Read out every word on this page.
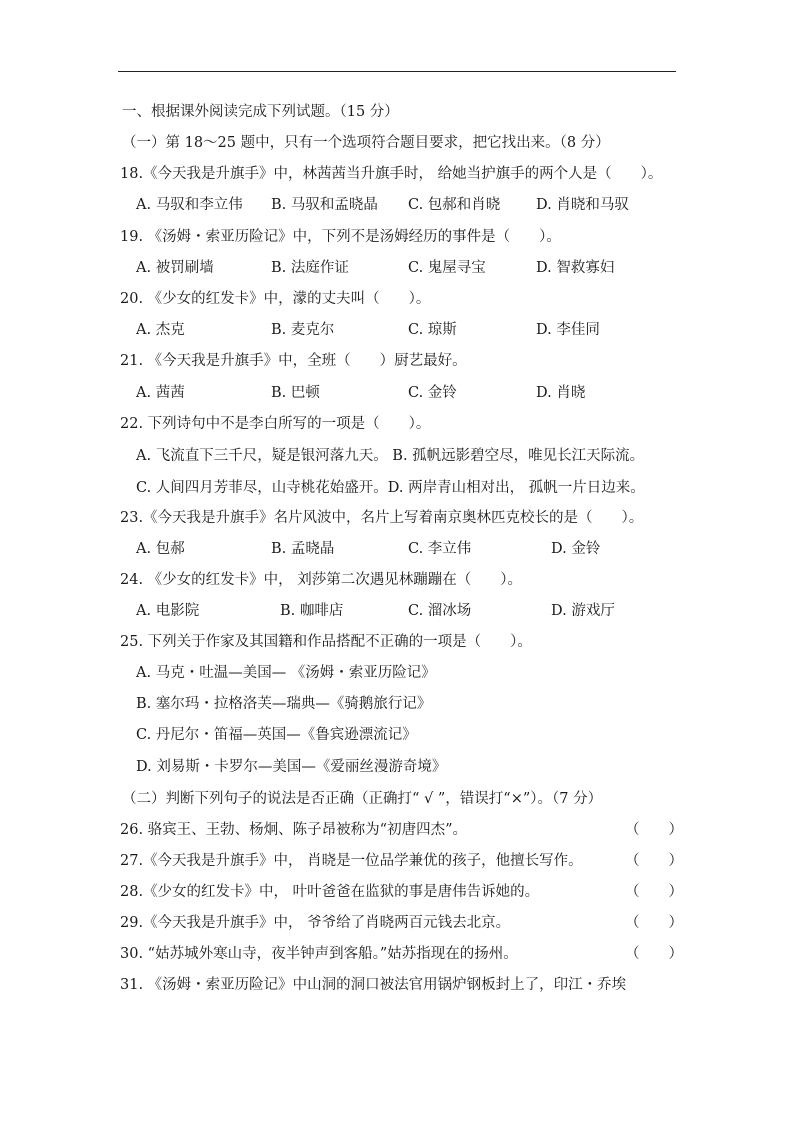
一、根据课外阅读完成下列试题。（15 分）
（一）第 18～25 题中，只有一个选项符合题目要求，把它找出来。（8 分）
18.《今天我是升旗手》中，林茜茜当升旗手时， 给她当护旗手的两个人是（　　）。
A. 马驭和李立伟 B. 马驭和孟晓晶 C. 包郝和肖晓 D. 肖晓和马驭
19. 《汤姆・索亚历险记》中，下列不是汤姆经历的事件是（　　）。
A. 被罚刷墙	B. 法庭作证	C. 鬼屋寻宝	D. 智救寡妇
20. 《少女的红发卡》中，濛的丈夫叫（　　）。
A. 杰克	B. 麦克尔	C. 琼斯	D. 李佳同
21. 《今天我是升旗手》中，全班（　　）厨艺最好。
A. 茜茜	B. 巴顿	C. 金铃	D. 肖晓
22. 下列诗句中不是李白所写的一项是（　　）。
A. 飞流直下三千尺，疑是银河落九天。 B. 孤帆远影碧空尽，唯见长江天际流。
C. 人间四月芳菲尽，山寺桃花始盛开。D. 两岸青山相对出， 孤帆一片日边来。
23.《今天我是升旗手》名片风波中，名片上写着南京奥林匹克校长的是（　　）。
A. 包郝	B. 孟晓晶	C. 李立伟	D. 金铃
24. 《少女的红发卡》中， 刘莎第二次遇见林蹦蹦在（　　）。
A. 电影院	B. 咖啡店	C. 溜冰场	D. 游戏厅
25. 下列关于作家及其国籍和作品搭配不正确的一项是（　　）。
A. 马克・吐温—美国— 《汤姆・索亚历险记》
B. 塞尔玛・拉格洛芙—瑞典—《骑鹅旅行记》
C. 丹尼尔・笛福—英国—《鲁宾逊漂流记》
D. 刘易斯・卡罗尔—美国—《爱丽丝漫游奇境》
（二）判断下列句子的说法是否正确（正确打“ √ ”，错误打“×”）。（7 分）
26. 骆宾王、王勃、杨炯、陈子昂被称为“初唐四杰”。	（　　）
27.《今天我是升旗手》中， 肖晓是一位品学兼优的孩子，他擅长写作。	（　　）
28.《少女的红发卡》中， 叶叶爸爸在监狱的事是唐伟告诉她的。	（　　）
29.《今天我是升旗手》中， 爷爷给了肖晓两百元钱去北京。	（　　）
30. “姑苏城外寒山寺，夜半钟声到客船。”姑苏指现在的扬州。	（　　）
31. 《汤姆・索亚历险记》中山洞的洞口被法官用锅炉钢板封上了，印江・乔埃
